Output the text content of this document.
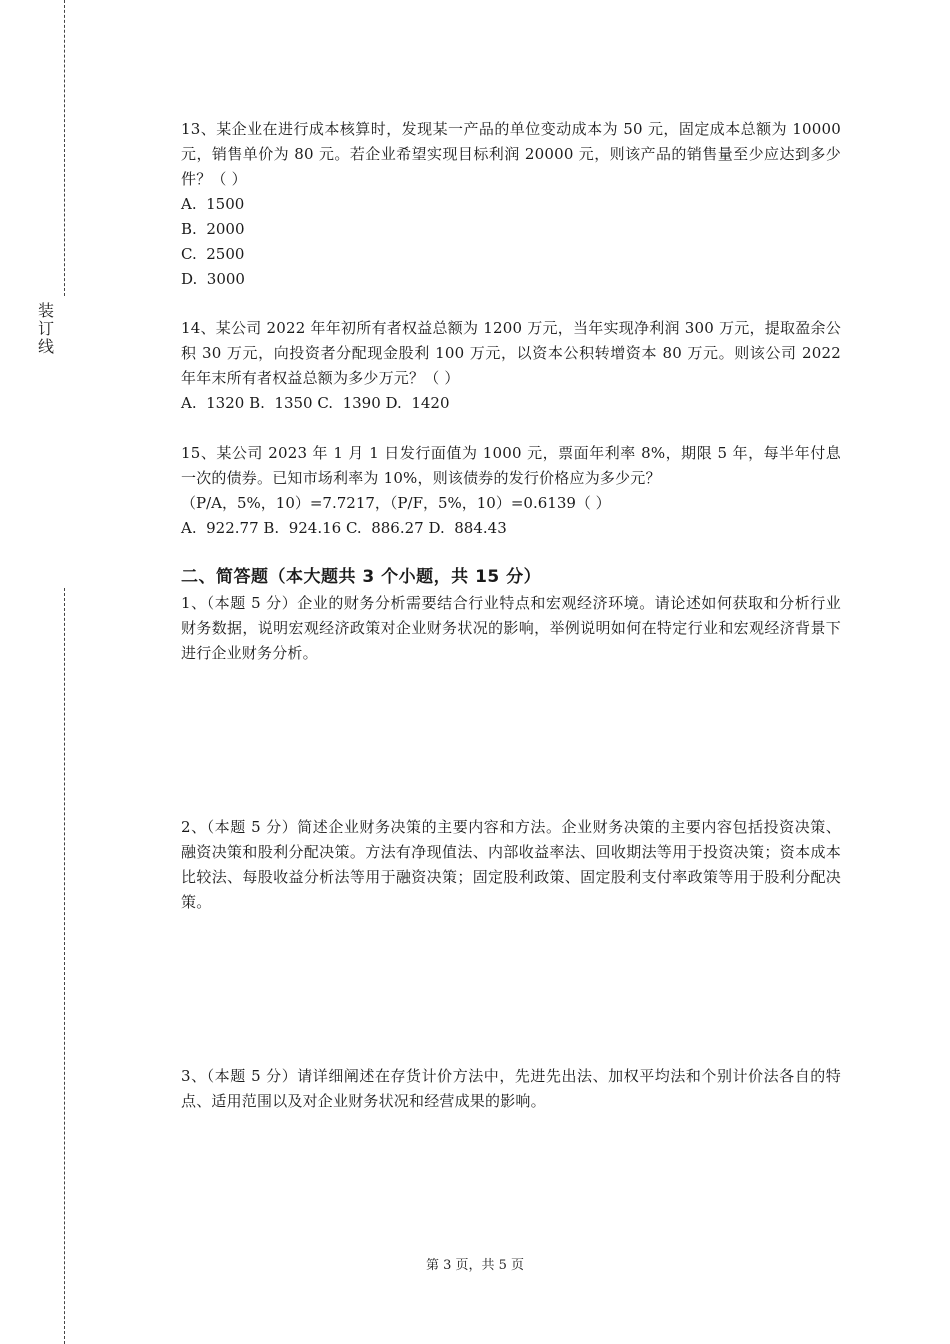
装
订
线

13、某企业在进行成本核算时，发现某一产品的单位变动成本为 50 元，固定成本总额为 10000 元，销售单价为 80 元。若企业希望实现目标利润 20000 元，则该产品的销售量至少应达到多少件？（ ）

A.  1500

B.  2000

C.  2500

D.  3000

14、某公司 2022 年年初所有者权益总额为 1200 万元，当年实现净利润 300 万元，提取盈余公积 30 万元，向投资者分配现金股利 100 万元，以资本公积转增资本 80 万元。则该公司 2022 年年末所有者权益总额为多少万元？（ ）

A.  1320 B.  1350 C.  1390 D.  1420

15、某公司 2023 年 1 月 1 日发行面值为 1000 元，票面年利率 8%，期限 5 年，每半年付息一次的债券。已知市场利率为 10%，则该债券的发行价格应为多少元？

（P/A，5%，10）=7.7217，（P/F，5%，10）=0.6139（ ）

A.  922.77 B.  924.16 C.  886.27 D.  884.43

二、简答题（本大题共 3 个小题，共 15 分）

1、（本题 5 分）企业的财务分析需要结合行业特点和宏观经济环境。请论述如何获取和分析行业财务数据，说明宏观经济政策对企业财务状况的影响，举例说明如何在特定行业和宏观经济背景下进行企业财务分析。

2、（本题 5 分）简述企业财务决策的主要内容和方法。企业财务决策的主要内容包括投资决策、融资决策和股利分配决策。方法有净现值法、内部收益率法、回收期法等用于投资决策；资本成本比较法、每股收益分析法等用于融资决策；固定股利政策、固定股利支付率政策等用于股利分配决策。

3、（本题 5 分）请详细阐述在存货计价方法中，先进先出法、加权平均法和个别计价法各自的特点、适用范围以及对企业财务状况和经营成果的影响。

第 3 页，共 5 页
